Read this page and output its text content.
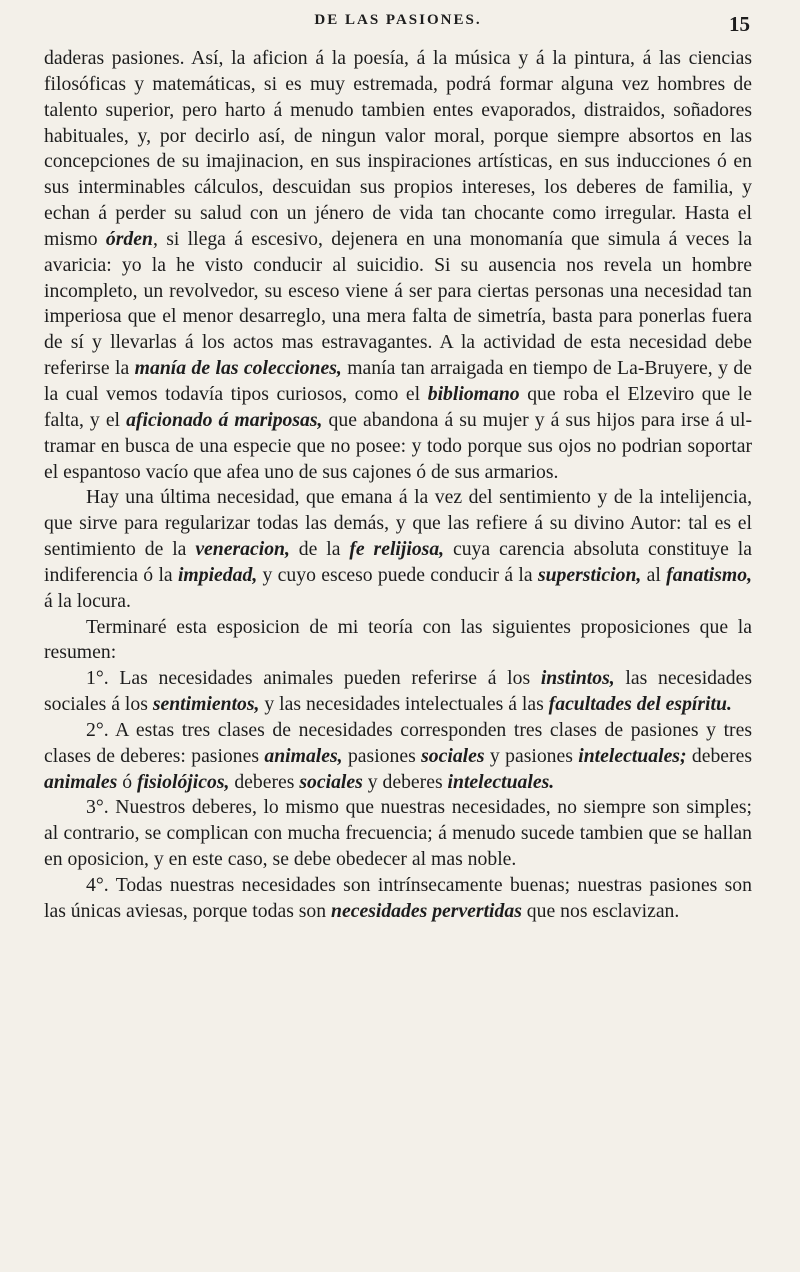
DE LAS PASIONES.	15

daderas pasiones. Así, la aficion á la poesía, á la música y á la pintura, á las ciencias filosóficas y matemáticas, si es muy estremada, podrá formar alguna vez hombres de talento superior, pero harto á menudo tambien entes evaporados, distraidos, soñadores habituales, y, por decirlo así, de ningun valor moral, porque siempre absortos en las concepciones de su imajinacion, en sus inspiraciones artísticas, en sus inducciones ó en sus interminables cálculos, descuidan sus propios intereses, los deberes de familia, y echan á perder su salud con un jénero de vida tan chocante como irregular. Hasta el mismo órden, si llega á escesivo, dejenera en una monomanía que simula á veces la avaricia: yo la he visto conducir al suicidio. Si su ausencia nos revela un hombre incompleto, un revolvedor, su esceso viene á ser para ciertas personas una necesidad tan imperiosa que el menor desarreglo, una mera falta de simetría, basta para ponerlas fuera de sí y llevarlas á los actos mas estravagantes. A la actividad de esta necesidad debe referirse la manía de las colecciones, manía tan arraigada en tiempo de La-Bruyere, y de la cual vemos todavía tipos curiosos, como el bibliomano que roba el Elzeviro que le falta, y el aficionado á mariposas, que abandona á su mujer y á sus hijos para irse á ultramar en busca de una especie que no posee: y todo porque sus ojos no podrian soportar el espantoso vacío que afea uno de sus cajones ó de sus armarios.

Hay una última necesidad, que emana á la vez del sentimiento y de la intelijencia, que sirve para regularizar todas las demás, y que las refiere á su divino Autor: tal es el sentimiento de la veneracion, de la fe relijiosa, cuya carencia absoluta constituye la indiferencia ó la impiedad, y cuyo esceso puede conducir á la supersticion, al fanatismo, á la locura.

Terminaré esta esposicion de mi teoría con las siguientes proposiciones que la resumen:

1°. Las necesidades animales pueden referirse á los instintos, las necesidades sociales á los sentimientos, y las necesidades intelectuales á las facultades del espíritu.

2°. A estas tres clases de necesidades corresponden tres clases de pasiones y tres clases de deberes: pasiones animales, pasiones sociales y pasiones intelectuales; deberes animales ó fisiolójicos, deberes sociales y deberes intelectuales.

3°. Nuestros deberes, lo mismo que nuestras necesidades, no siempre son simples; al contrario, se complican con mucha frecuencia; á menudo sucede tambien que se hallan en oposicion, y en este caso, se debe obedecer al mas noble.

4°. Todas nuestras necesidades son intrínsecamente buenas; nuestras pasiones son las únicas aviesas, porque todas son necesidades pervertidas que nos esclavizan.
